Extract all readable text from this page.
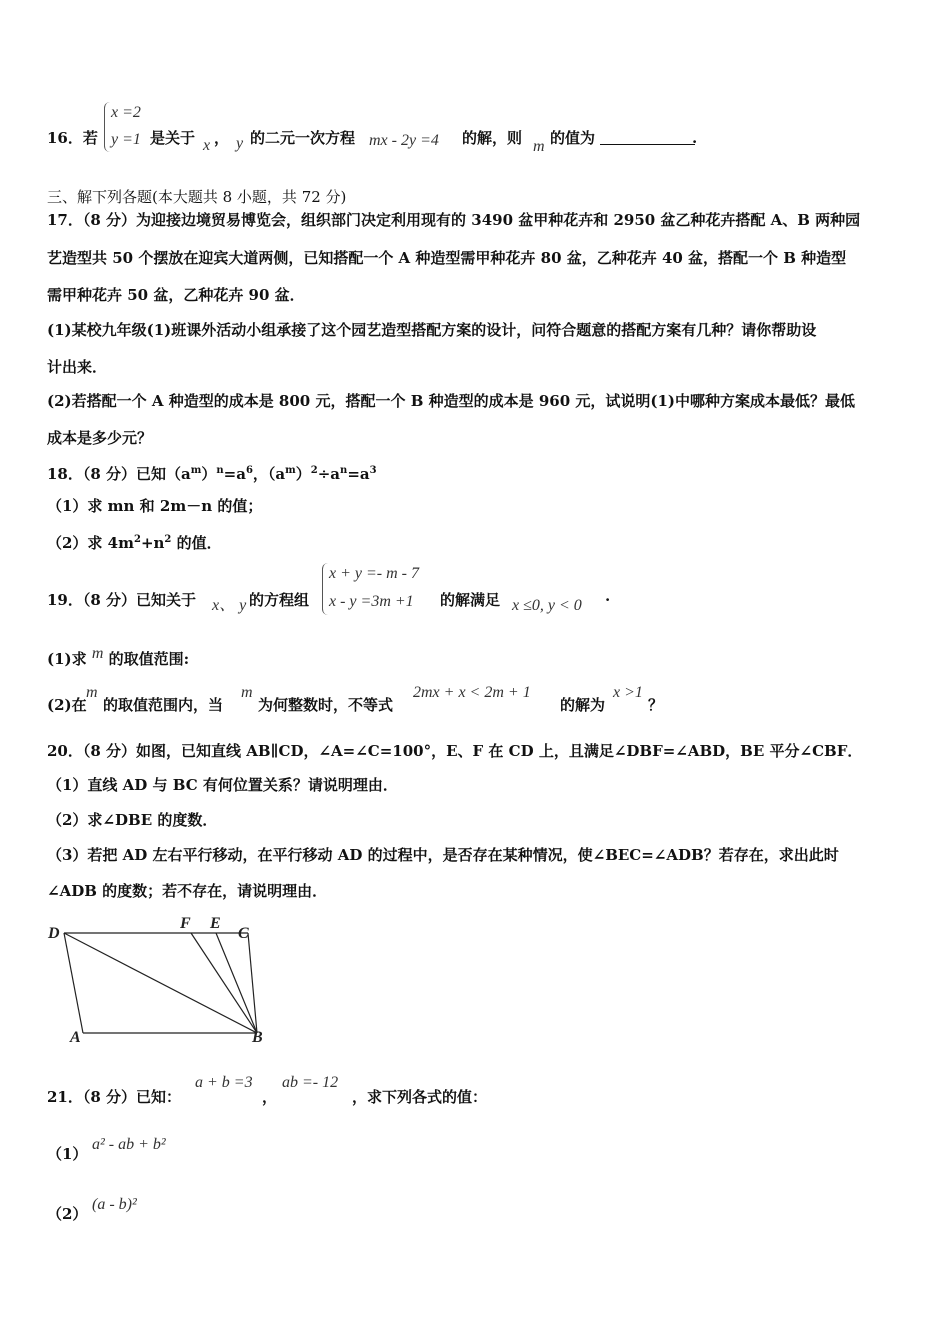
x =2
y =1
16．若	是关于 x ， y 的二元一次方程 mx - 2y =4 的解，则 m 的值为	.
三、解下列各题(本大题共 8 小题，共 72 分)
17．（8 分）为迎接边境贸易博览会，组织部门决定利用现有的 3490 盆甲种花卉和 2950 盆乙种花卉搭配 A、B 两种园
艺造型共 50 个摆放在迎宾大道两侧，已知搭配一个 A 种造型需甲种花卉 80 盆，乙种花卉 40 盆，搭配一个 B 种造型
需甲种花卉 50 盆，乙种花卉 90 盆．
(1)某校九年级(1)班课外活动小组承接了这个园艺造型搭配方案的设计，问符合题意的搭配方案有几种？请你帮助设
计出来．
(2)若搭配一个 A 种造型的成本是 800 元，搭配一个 B 种造型的成本是 960 元，试说明(1)中哪种方案成本最低？最低
成本是多少元？
18．（8 分）已知$(a^m)^n=a^6$，$(a^m)^2\div a^n=a^3$
（1）求 mn 和 2m－n 的值；
（2）求 $4m^2+n^2$ 的值．
19．（8 分）已知关于 x、 y 的方程组
x + y =- m - 7
x - y =3m +1 的解满足 x ≤0, y < 0 ·
(1)求 m 的取值范围:
(2)在
m
的取值范围内，当
m
为何整数时，不等式
2mx + x < 2m + 1
的解为
x >1
？
20．（8 分）如图，已知直线 AB∥CD，∠A=∠C=100°，E、F 在 CD 上，且满足∠DBF=∠ABD，BE 平分∠CBF．
（1）直线 AD 与 BC 有何位置关系？请说明理由．
（2）求∠DBE 的度数．
（3）若把 AD 左右平行移动，在平行移动 AD 的过程中，是否存在某种情况，使∠BEC=∠ADB？若存在，求出此时
∠ADB 的度数；若不存在，请说明理由．
D
F E
C
A	B
21．（8 分）已知：
a + b =3
，
ab =- 12
，求下列各式的值：
（1）
a² - ab + b²
（2）
(a - b)²
